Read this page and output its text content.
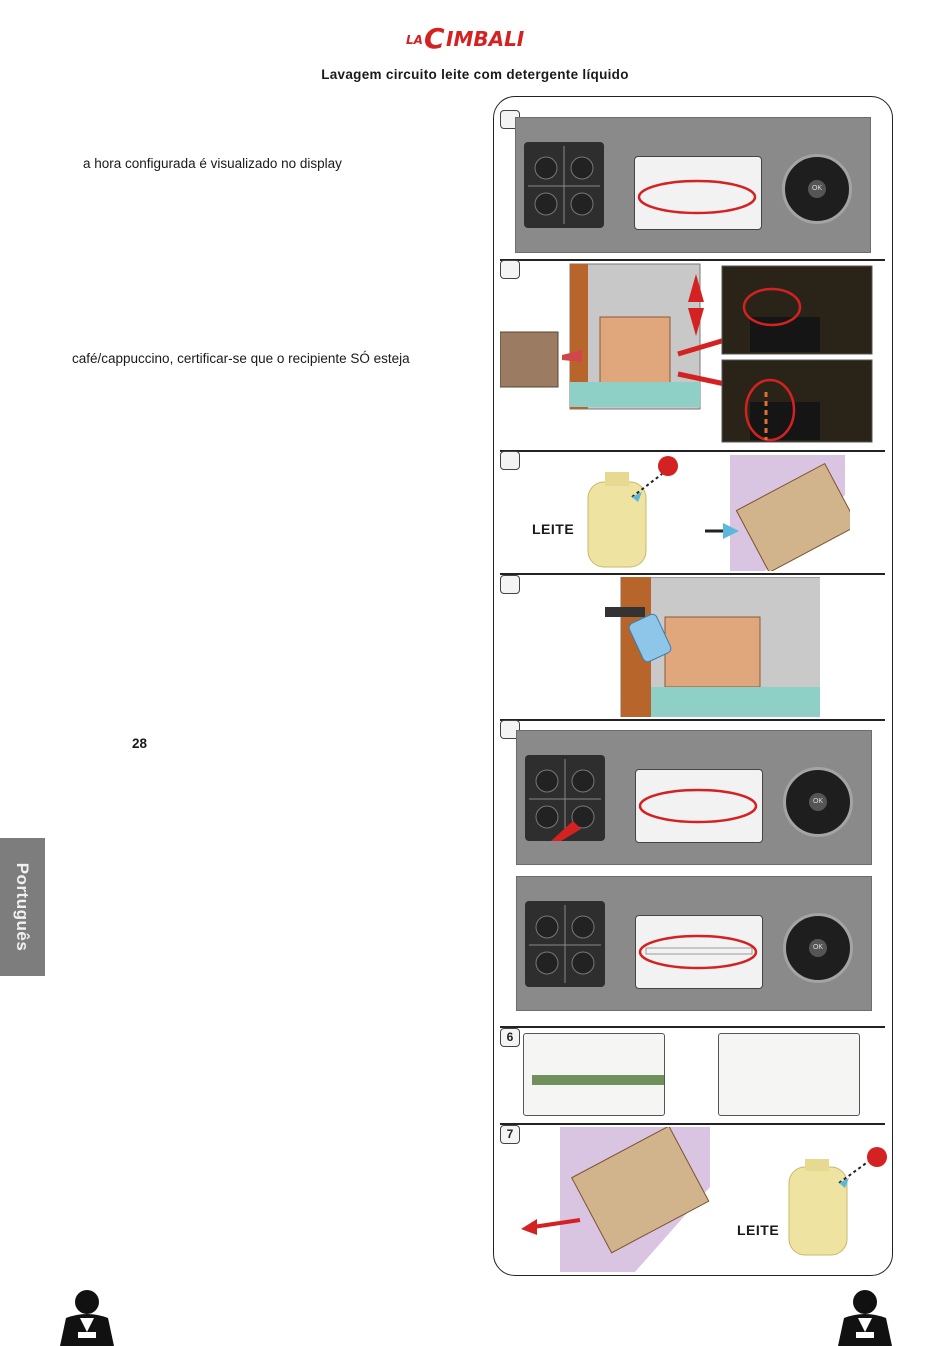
LA C IMBALI
Lavagem circuito leite com detergente líquido
a hora configurada é visualizado no display
café/cappuccino, certificar-se que o recipiente SÓ esteja
28
Português
6
7
OK
LEITE
OK
OK
LEITE
